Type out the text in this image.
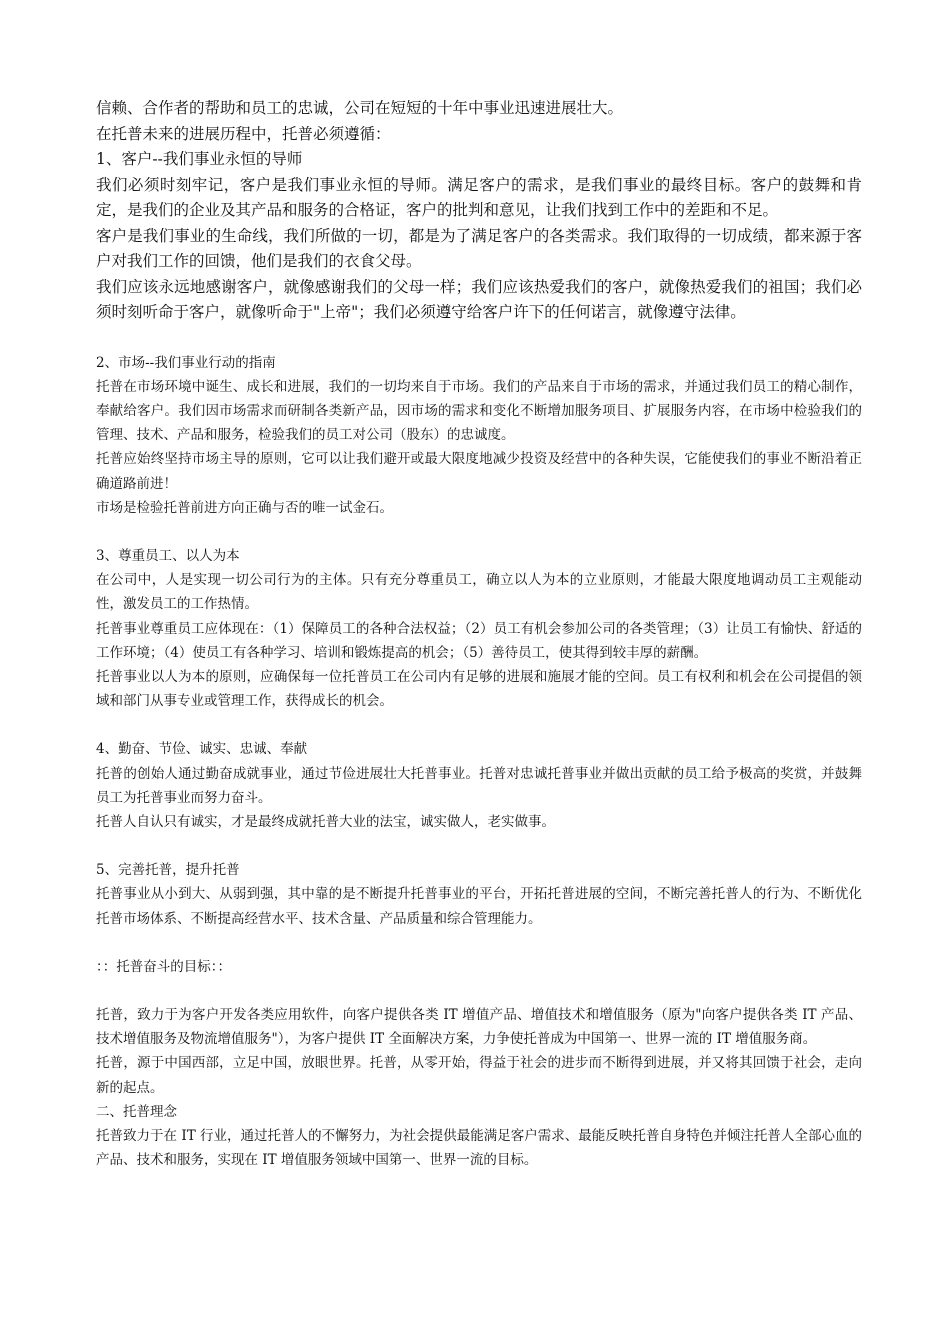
信赖、合作者的帮助和员工的忠诚，公司在短短的十年中事业迅速进展壮大。

在托普未来的进展历程中，托普必须遵循：

1、客户--我们事业永恒的导师

我们必须时刻牢记，客户是我们事业永恒的导师。满足客户的需求，是我们事业的最终目标。客户的鼓舞和肯定，是我们的企业及其产品和服务的合格证，客户的批判和意见，让我们找到工作中的差距和不足。

客户是我们事业的生命线，我们所做的一切，都是为了满足客户的各类需求。我们取得的一切成绩，都来源于客户对我们工作的回馈，他们是我们的衣食父母。

我们应该永远地感谢客户，就像感谢我们的父母一样；我们应该热爱我们的客户，就像热爱我们的祖国；我们必须时刻听命于客户，就像听命于"上帝"；我们必须遵守给客户许下的任何诺言，就像遵守法律。

2、市场--我们事业行动的指南

托普在市场环境中诞生、成长和进展，我们的一切均来自于市场。我们的产品来自于市场的需求，并通过我们员工的精心制作，奉献给客户。我们因市场需求而研制各类新产品，因市场的需求和变化不断增加服务项目、扩展服务内容，在市场中检验我们的管理、技术、产品和服务，检验我们的员工对公司（股东）的忠诚度。

托普应始终坚持市场主导的原则，它可以让我们避开或最大限度地减少投资及经营中的各种失误，它能使我们的事业不断沿着正确道路前进！

市场是检验托普前进方向正确与否的唯一试金石。

3、尊重员工、以人为本

在公司中，人是实现一切公司行为的主体。只有充分尊重员工，确立以人为本的立业原则，才能最大限度地调动员工主观能动性，激发员工的工作热情。

托普事业尊重员工应体现在：（1）保障员工的各种合法权益；（2）员工有机会参加公司的各类管理；（3）让员工有愉快、舒适的工作环境；（4）使员工有各种学习、培训和锻炼提高的机会；（5）善待员工，使其得到较丰厚的薪酬。

托普事业以人为本的原则，应确保每一位托普员工在公司内有足够的进展和施展才能的空间。员工有权利和机会在公司提倡的领域和部门从事专业或管理工作，获得成长的机会。

4、勤奋、节俭、诚实、忠诚、奉献

托普的创始人通过勤奋成就事业，通过节俭进展壮大托普事业。托普对忠诚托普事业并做出贡献的员工给予极高的奖赏，并鼓舞员工为托普事业而努力奋斗。

托普人自认只有诚实，才是最终成就托普大业的法宝，诚实做人，老实做事。

5、完善托普，提升托普

托普事业从小到大、从弱到强，其中靠的是不断提升托普事业的平台，开拓托普进展的空间，不断完善托普人的行为、不断优化托普市场体系、不断提高经营水平、技术含量、产品质量和综合管理能力。

：：托普奋斗的目标：：

托普，致力于为客户开发各类应用软件，向客户提供各类 IT 增值产品、增值技术和增值服务（原为"向客户提供各类 IT 产品、技术增值服务及物流增值服务"），为客户提供 IT 全面解决方案，力争使托普成为中国第一、世界一流的 IT 增值服务商。

托普，源于中国西部，立足中国，放眼世界。托普，从零开始，得益于社会的进步而不断得到进展，并又将其回馈于社会，走向新的起点。

二、托普理念

托普致力于在 IT 行业，通过托普人的不懈努力，为社会提供最能满足客户需求、最能反映托普自身特色并倾注托普人全部心血的产品、技术和服务，实现在 IT 增值服务领域中国第一、世界一流的目标。
